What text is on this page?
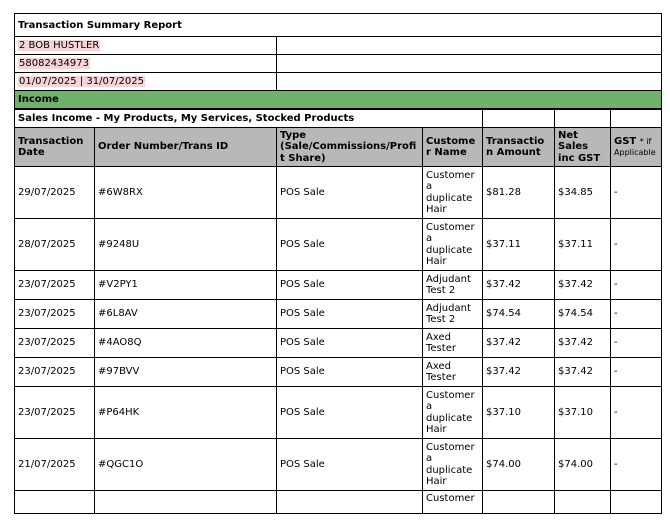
Transaction Summary Report	
2 BOB HUSTLER	
58082434973	
01/07/2025 | 31/07/2025	
Income	
Sales Income - My Products, My Services, Stocked Products						
Transaction Date	Order Number/Trans ID	Type (Sale/Commissions/Profit Share)	Customer Name	Transaction Amount	Net Sales inc GST	GST * if Applicable
29/07/2025	#6W8RX	POS Sale	Customer a duplicate Hair	$81.28	$34.85	-
28/07/2025	#9248U	POS Sale	Customer a duplicate Hair	$37.11	$37.11	-
23/07/2025	#V2PY1	POS Sale	Adjudant Test 2	$37.42	$37.42	-
23/07/2025	#6L8AV	POS Sale	Adjudant Test 2	$74.54	$74.54	-
23/07/2025	#4AO8Q	POS Sale	Axed Tester	$37.42	$37.42	-
23/07/2025	#97BVV	POS Sale	Axed Tester	$37.42	$37.42	-
23/07/2025	#P64HK	POS Sale	Customer a duplicate Hair	$37.10	$37.10	-
21/07/2025	#QGC1O	POS Sale	Customer a duplicate Hair	$74.00	$74.00	-
			Customer			
